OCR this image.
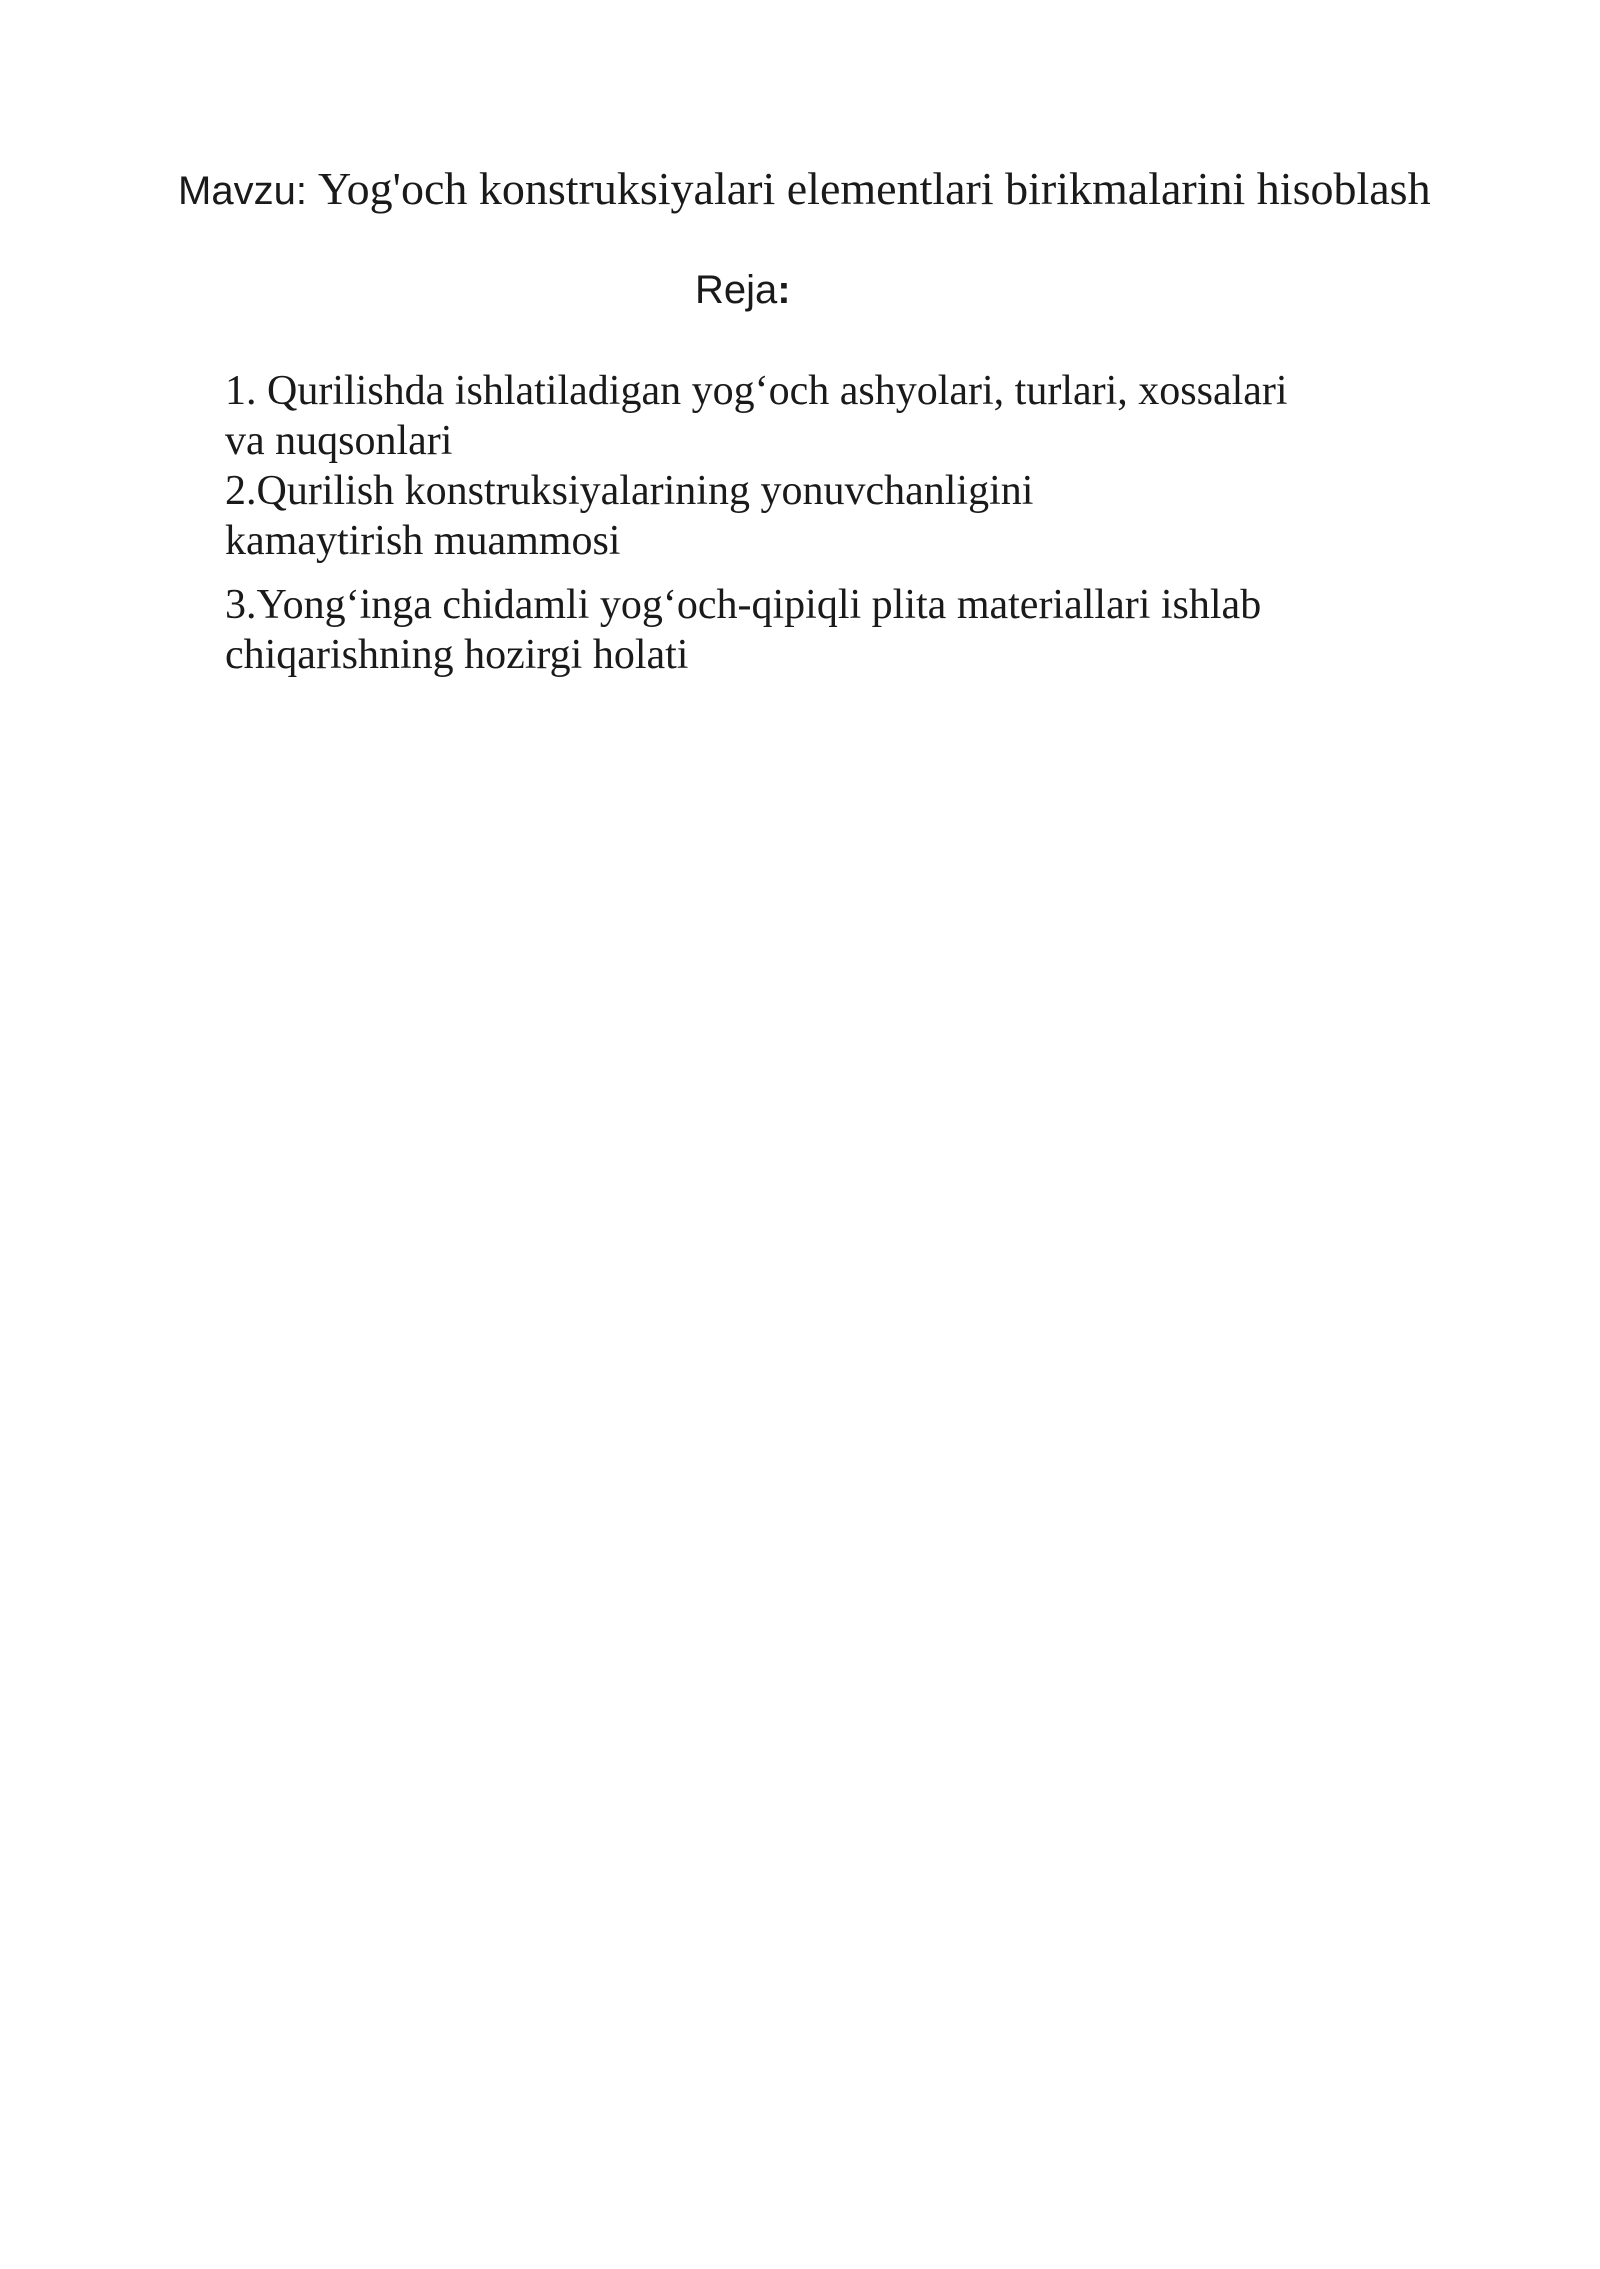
Mavzu: Yog'och konstruksiyalari elementlari birikmalarini hisoblash
Reja:

1. Qurilishda ishlatiladigan yog‘och ashyolari, turlari, xossalari
va nuqsonlari

2.Qurilish konstruksiyalarining yonuvchanligini
kamaytirish muammosi

3.Yong‘inga chidamli yog‘och-qipiqli plita materiallari ishlab
chiqarishning hozirgi holati
